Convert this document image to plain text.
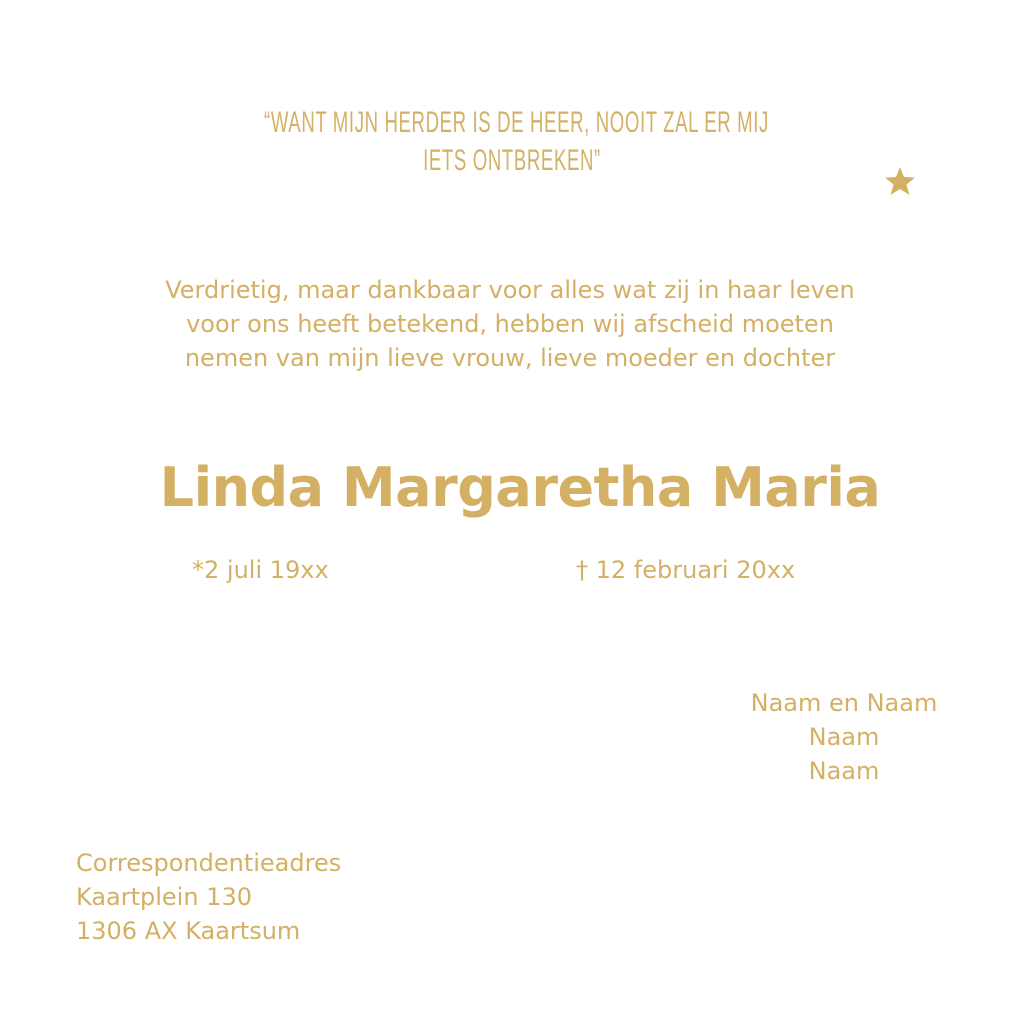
“WANT MIJN HERDER IS DE HEER, NOOIT ZAL ER MIJ
IETS ONTBREKEN”
Verdrietig, maar dankbaar voor alles wat zij in haar leven
voor ons heeft betekend, hebben wij afscheid moeten
nemen van mijn lieve vrouw, lieve moeder en dochter
Linda Margaretha Maria
*2 juli 19xx	† 12 februari 20xx
Naam en Naam
Naam
Naam
Correspondentieadres
Kaartplein 130
1306 AX Kaartsum
